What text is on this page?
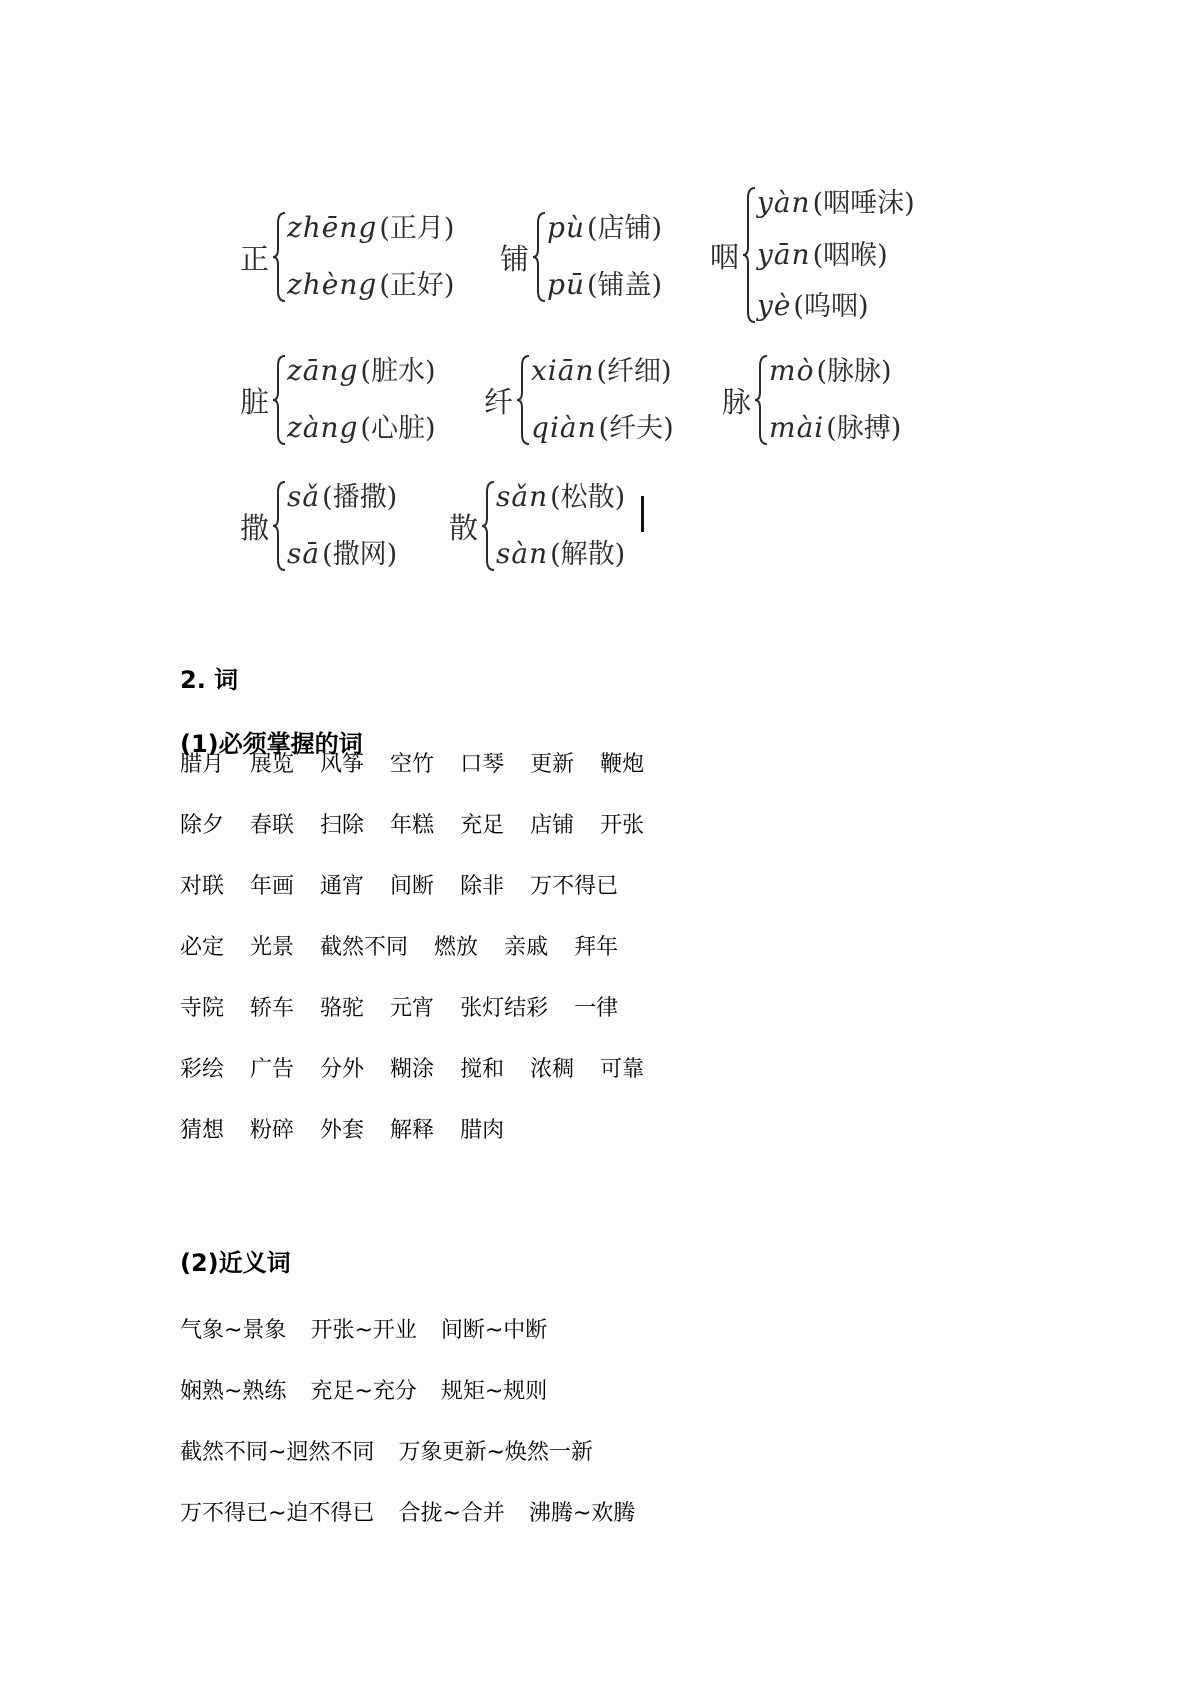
正
zhēng(正月)
zhèng(正好)
铺
pù(店铺)
pū(铺盖)
咽
yàn(咽唾沫)
yān(咽喉)
yè(呜咽)
脏
zāng(脏水)
zàng(心脏)
纤
xiān(纤细)
qiàn(纤夫)
脉
mò(脉脉)
mài(脉搏)
撒
sǎ(播撒)
sā(撒网)
散
sǎn(松散)
sàn(解散)
2. 词
(1)必须掌握的词
腊月 展览 风筝 空竹 口琴 更新 鞭炮
除夕 春联 扫除 年糕 充足 店铺 开张
对联 年画 通宵 间断 除非 万不得已
必定 光景 截然不同 燃放 亲戚 拜年
寺院 轿车 骆驼 元宵 张灯结彩 一律
彩绘 广告 分外 糊涂 搅和 浓稠 可靠
猜想 粉碎 外套 解释 腊肉
(2)近义词
气象~景象 开张~开业 间断~中断
娴熟~熟练 充足~充分 规矩~规则
截然不同~迥然不同 万象更新~焕然一新
万不得已~迫不得已 合拢~合并 沸腾~欢腾
